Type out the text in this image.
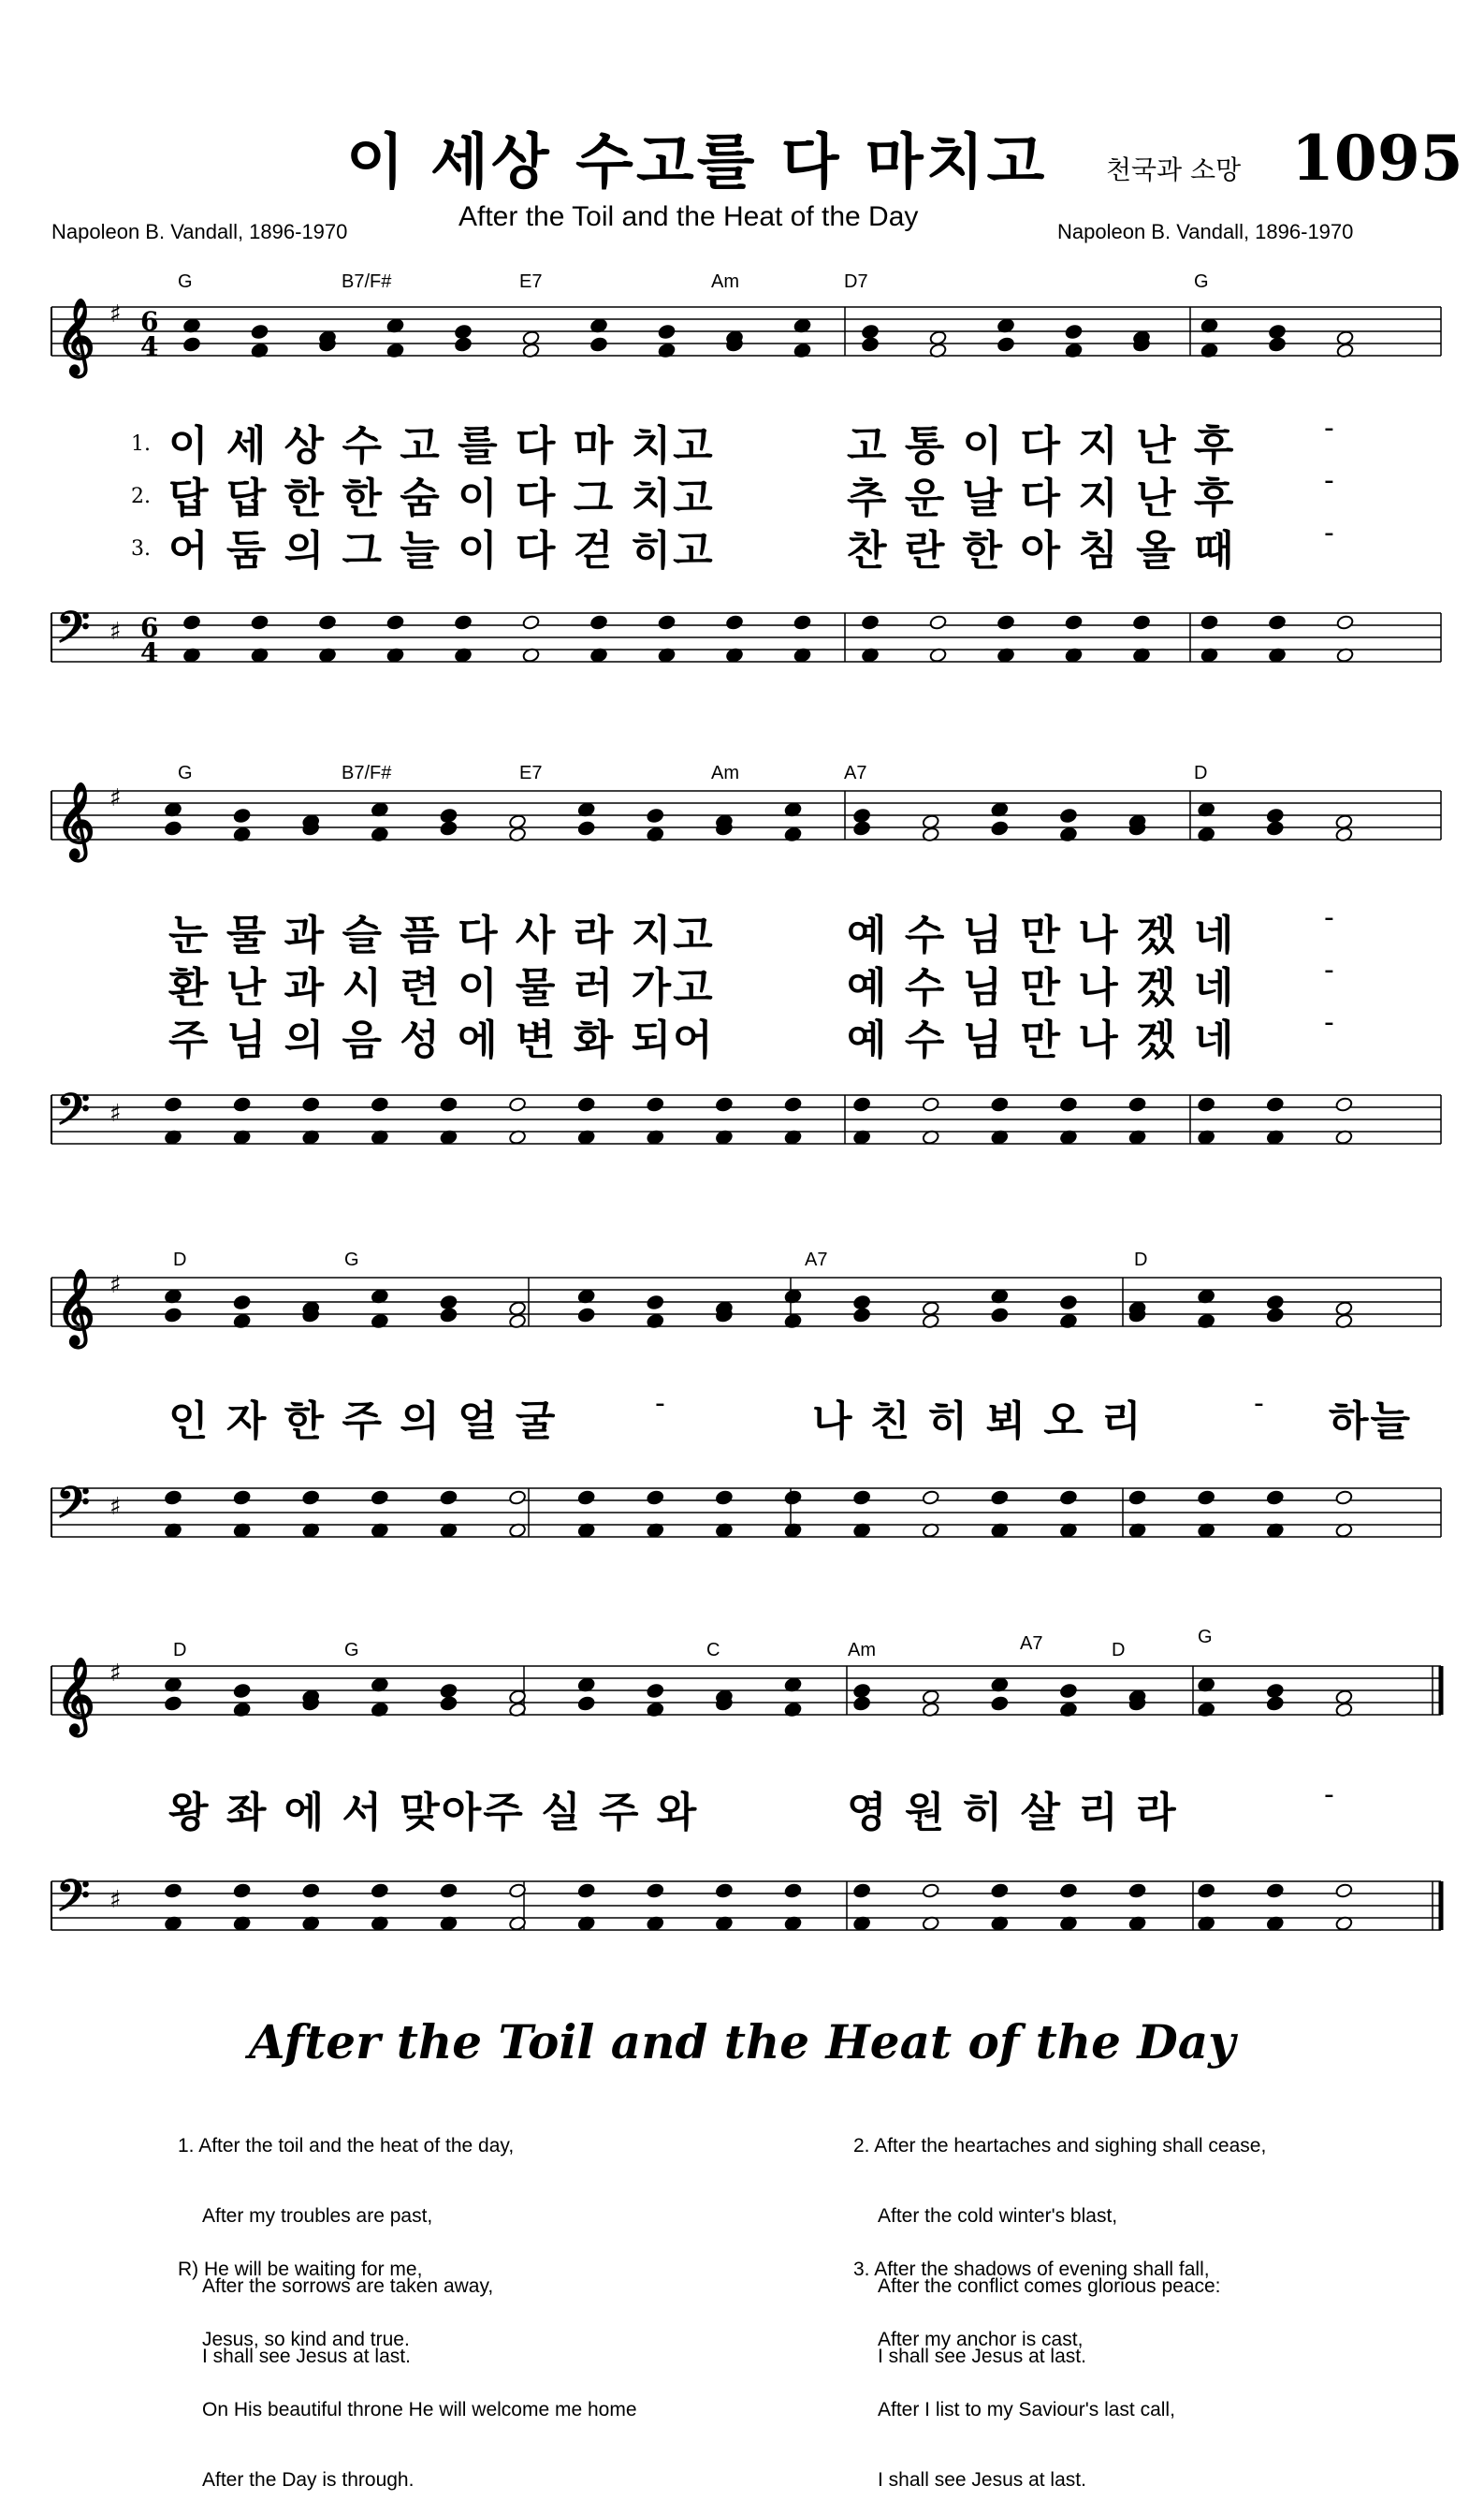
이 세상 수고를 다 마치고 천국과 소망 1095
After the Toil and the Heat of the Day
Napoleon B. Vandall, 1896-1970	Napoleon B. Vandall, 1896-1970
𝄞 ♯ 6
4
𝄢 ♯ 6
4
𝄞 ♯
𝄢 ♯
𝄞 ♯
𝄢 ♯
𝄞 ♯
𝄢 ♯
G	B7/F#	E7	Am	D7	G
1. 이 세 상 수 고 를 다 마 치고	고 통 이 다 지 난 후	-
2. 답 답 한 한 숨 이 다 그 치고	추 운 날 다 지 난 후	-
3. 어 둠 의 그 늘 이 다 걷 히고	찬 란 한 아 침 올 때	-
G	B7/F#	E7	Am	A7	D
눈 물 과 슬 픔 다 사 라 지고	예 수 님 만 나 겠 네	-
환 난 과 시 련 이 물 러 가고	예 수 님 만 나 겠 네	-
주 님 의 음 성 에 변 화 되어	예 수 님 만 나 겠 네	-
D	G	A7	D
인 자 한 주 의 얼 굴	-	나 친 히 뵈 오 리	- 하늘
D	G	C	Am	A7	D
G
왕 좌 에 서 맞아주 실 주 와	영 원 히 살 리 라	-
After the Toil and the Heat of the Day

1. After the toil and the heat of the day,

After my troubles are past,

After the sorrows are taken away,

I shall see Jesus at last.

R) He will be waiting for me,

Jesus, so kind and true.

On His beautiful throne He will welcome me home

After the Day is through.

2. After the heartaches and sighing shall cease,

After the cold winter's blast,

After the conflict comes glorious peace:

I shall see Jesus at last.

3. After the shadows of evening shall fall,

After my anchor is cast,

After I list to my Saviour's last call,

I shall see Jesus at last.
